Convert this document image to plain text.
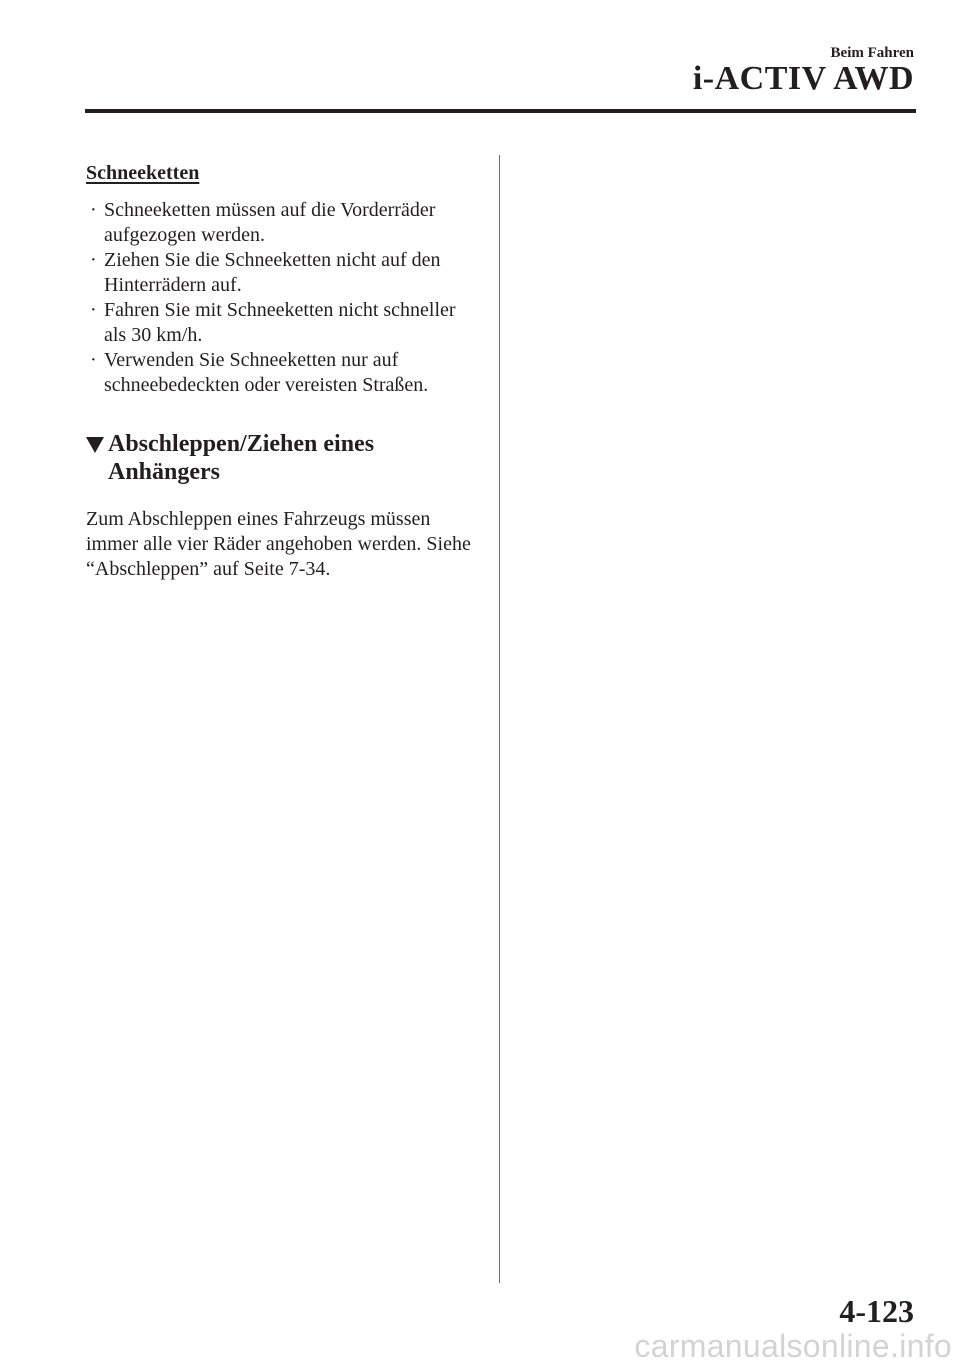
Beim Fahren
i-ACTIV AWD
Schneeketten
· Schneeketten müssen auf die Vorderräder aufgezogen werden.
· Ziehen Sie die Schneeketten nicht auf den Hinterrädern auf.
· Fahren Sie mit Schneeketten nicht schneller als 30 km/h.
· Verwenden Sie Schneeketten nur auf schneebedeckten oder vereisten Straßen.
Abschleppen/Ziehen eines Anhängers

Zum Abschleppen eines Fahrzeugs müssen immer alle vier Räder angehoben werden. Siehe “Abschleppen” auf Seite 7-34.

4-123
carmanualsonline.info
